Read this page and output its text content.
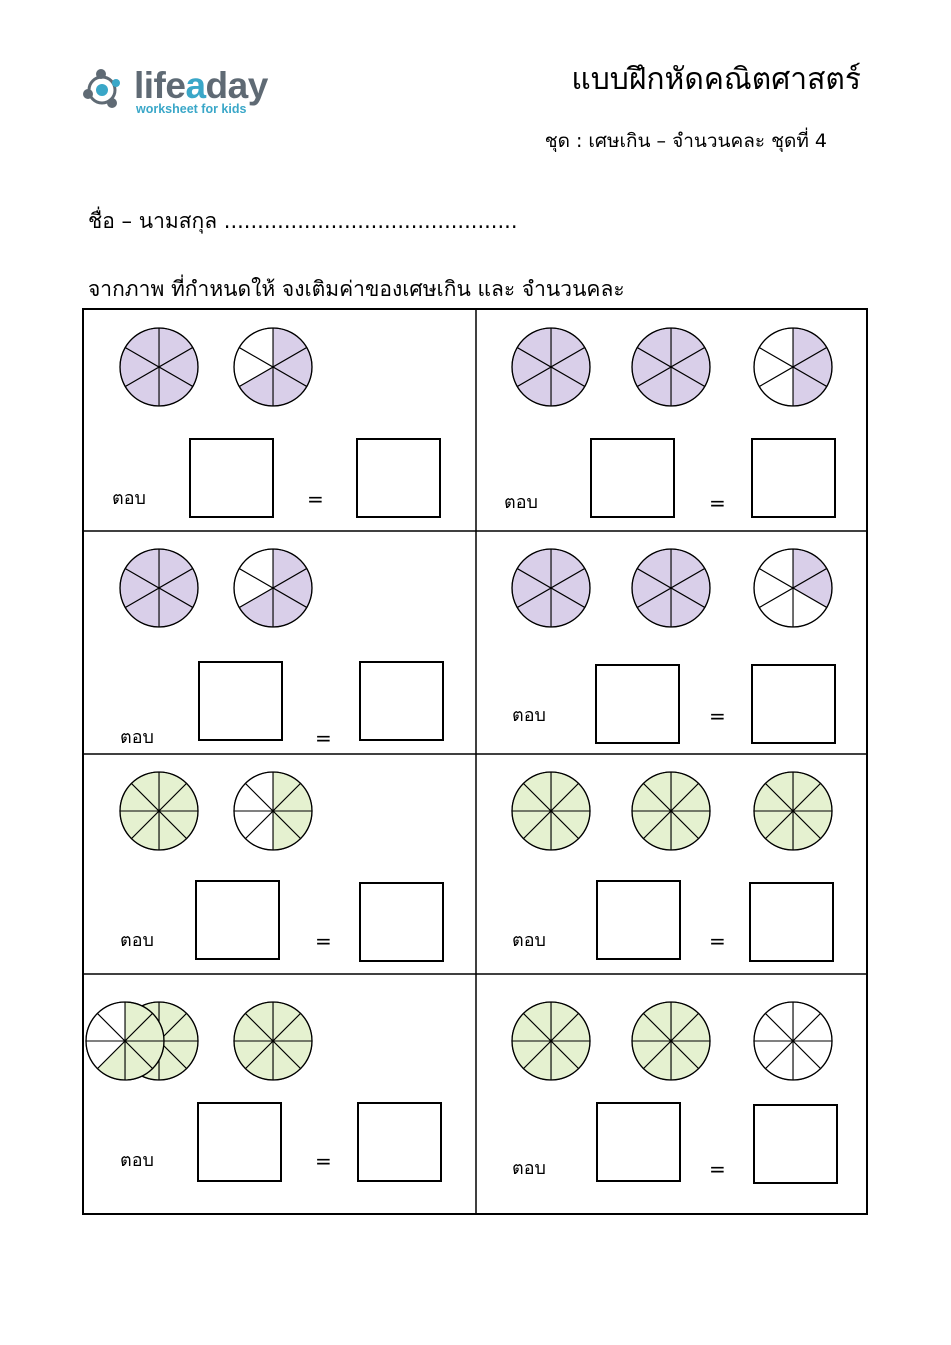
lifeaday
worksheet for kids
แบบฝึกหัดคณิตศาสตร์
ชุด : เศษเกิน – จำนวนคละ ชุดที่ 4
ชื่อ – นามสกุล ............................................
จากภาพ ที่กำหนดให้ จงเติมค่าของเศษเกิน และ จำนวนคละ
ตอบ	=	ตอบ	=
ตอบ	=
ตอบ	=
ตอบ	=	ตอบ	=
ตอบ	=	ตอบ	=
